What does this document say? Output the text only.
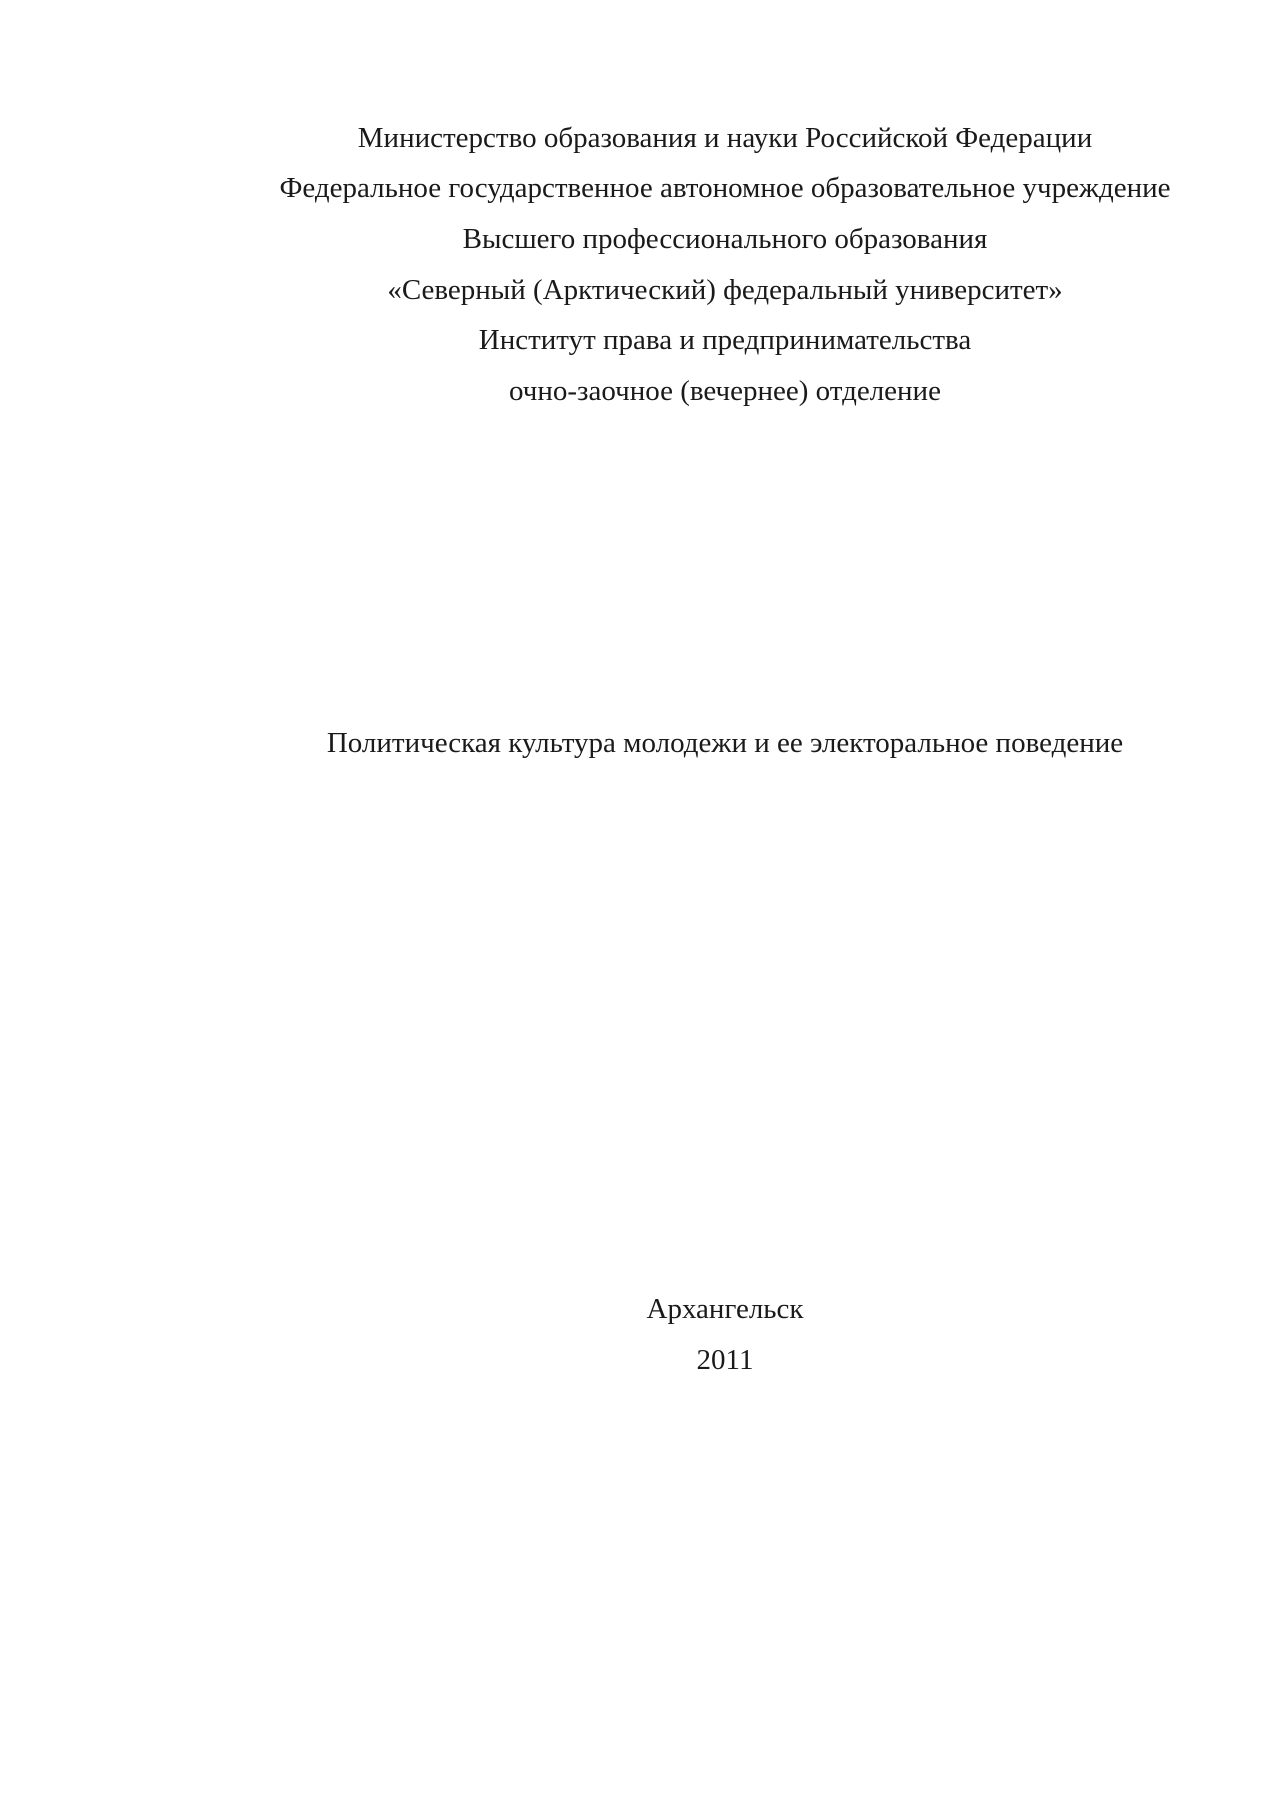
Министерство образования и науки Российской Федерации
Федеральное государственное автономное образовательное учреждение
Высшего профессионального образования
«Северный (Арктический) федеральный университет»
Институт права и предпринимательства
очно-заочное (вечернее) отделение
Политическая культура молодежи и ее электоральное поведение
Архангельск
2011
